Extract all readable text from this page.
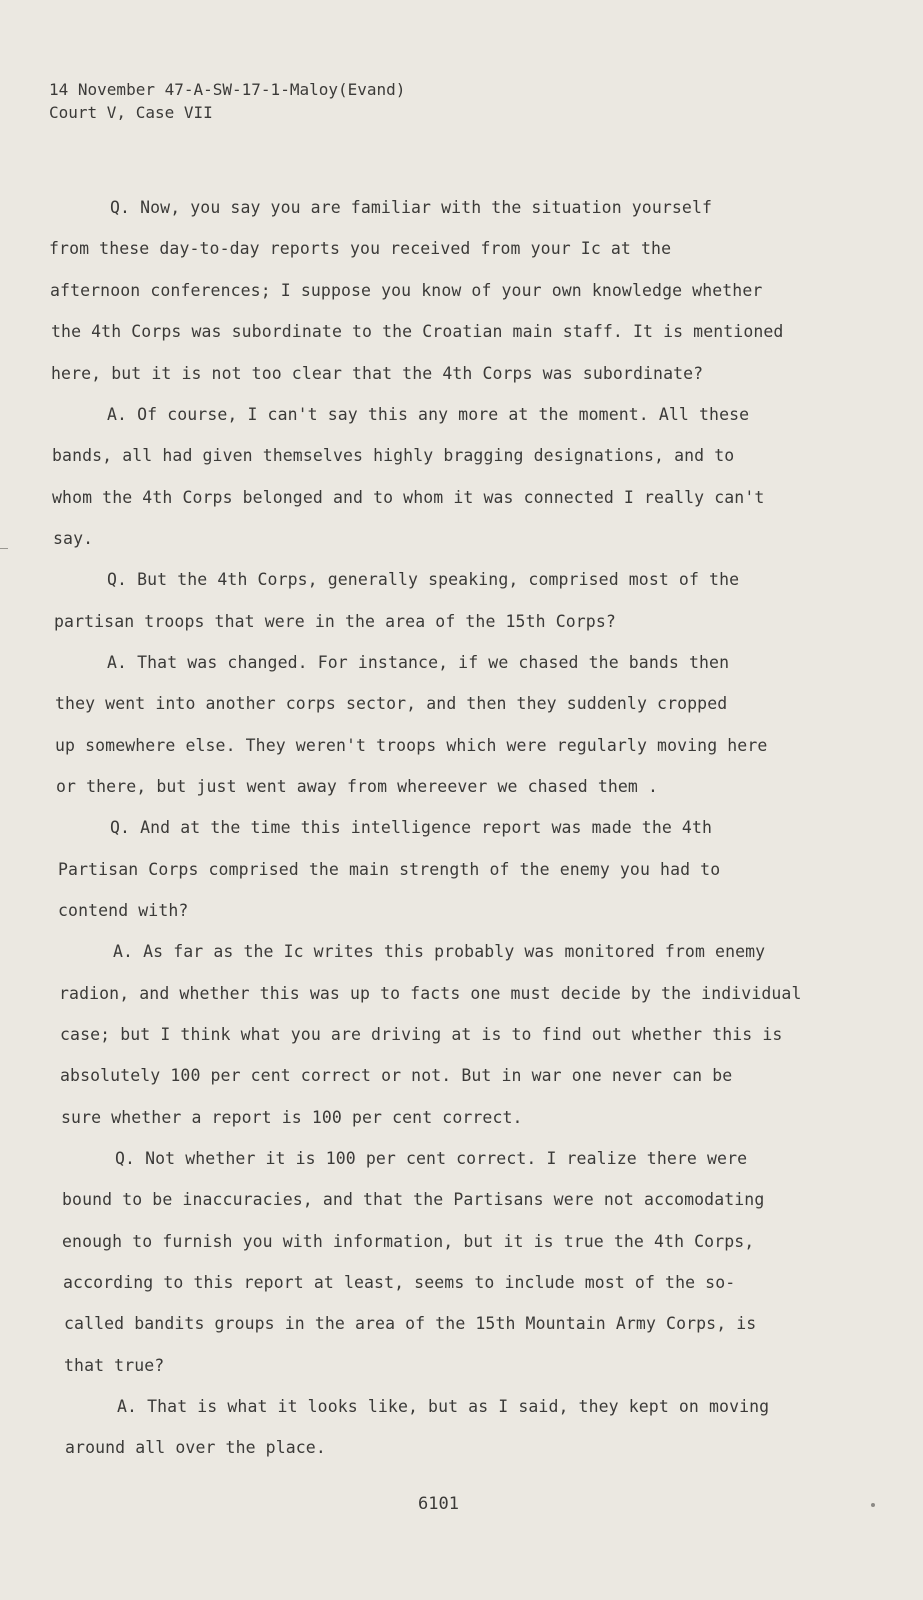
14 November 47-A-SW-17-1-Maloy(Evand)
Court V, Case VII
Q. Now, you say you are familiar with the situation yourself
from these day-to-day reports you received from your Ic at the
afternoon conferences; I suppose you know of your own knowledge whether
the 4th Corps was subordinate to the Croatian main staff. It is mentioned
here, but it is not too clear that the 4th Corps was subordinate?
A. Of course, I can't say this any more at the moment. All these
bands, all had given themselves highly bragging designations, and to
whom the 4th Corps belonged and to whom it was connected I really can't
say.
Q. But the 4th Corps, generally speaking, comprised most of the
partisan troops that were in the area of the 15th Corps?
A. That was changed. For instance, if we chased the bands then
they went into another corps sector, and then they suddenly cropped
up somewhere else. They weren't troops which were regularly moving here
or there, but just went away from whereever we chased them .
Q. And at the time this intelligence report was made the 4th
Partisan Corps comprised the main strength of the enemy you had to
contend with?
A. As far as the Ic writes this probably was monitored from enemy
radion, and whether this was up to facts one must decide by the individual
case; but I think what you are driving at is to find out whether this is
absolutely 100 per cent correct or not. But in war one never can be
sure whether a report is 100 per cent correct.
Q. Not whether it is 100 per cent correct. I realize there were
bound to be inaccuracies, and that the Partisans were not accomodating
enough to furnish you with information, but it is true the 4th Corps,
according to this report at least, seems to include most of the so-
called bandits groups in the area of the 15th Mountain Army Corps, is
that true?
A. That is what it looks like, but as I said, they kept on moving
around all over the place.
6101
